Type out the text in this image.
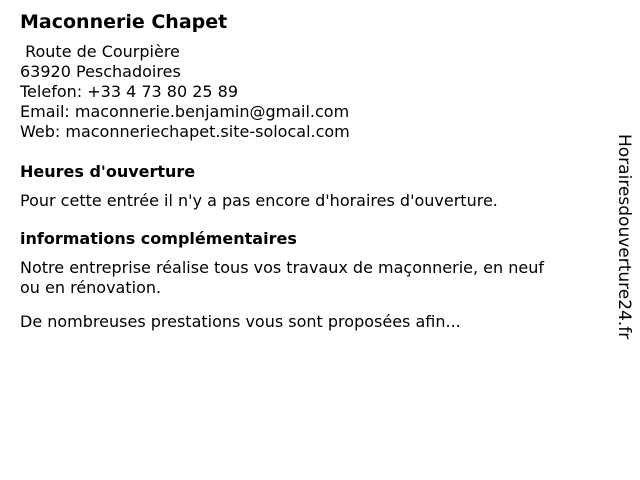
Maconnerie Chapet
Route de Courpière
63920 Peschadoires
Telefon: +33 4 73 80 25 89
Email: maconnerie.benjamin@gmail.com
Web: maconneriechapet.site-solocal.com
Heures d'ouverture
Pour cette entrée il n'y a pas encore d'horaires d'ouverture.
informations complémentaires
Notre entreprise réalise tous vos travaux de maçonnerie, en neuf
ou en rénovation.
De nombreuses prestations vous sont proposées afin...	Horairesdouverture24.fr
